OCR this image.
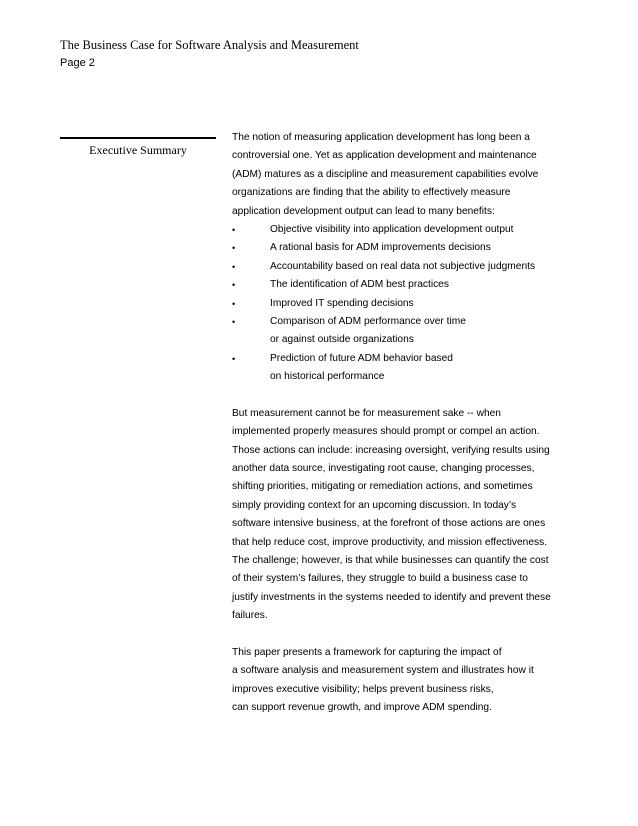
The Business Case for Software Analysis and Measurement
Page 2
Executive Summary
The notion of measuring application development has long been a
controversial one. Yet as application development and maintenance
(ADM) matures as a discipline and measurement capabilities evolve
organizations are finding that the ability to effectively measure
application development output can lead to many benefits:
•	Objective visibility into application development output
•	A rational basis for ADM improvements decisions
•	Accountability based on real data not subjective judgments
•	The identification of ADM best practices
•	Improved IT spending decisions
•	Comparison of ADM performance over time
or against outside organizations
•	Prediction of future ADM behavior based
on historical performance
But measurement cannot be for measurement sake -- when
implemented properly measures should prompt or compel an action.
Those actions can include: increasing oversight, verifying results using
another data source, investigating root cause, changing processes,
shifting priorities, mitigating or remediation actions, and sometimes
simply providing context for an upcoming discussion. In today’s
software intensive business, at the forefront of those actions are ones
that help reduce cost, improve productivity, and mission effectiveness.
The challenge; however, is that while businesses can quantify the cost
of their system’s failures, they struggle to build a business case to
justify investments in the systems needed to identify and prevent these
failures.
This paper presents a framework for capturing the impact of
a software analysis and measurement system and illustrates how it
improves executive visibility; helps prevent business risks,
can support revenue growth, and improve ADM spending.
